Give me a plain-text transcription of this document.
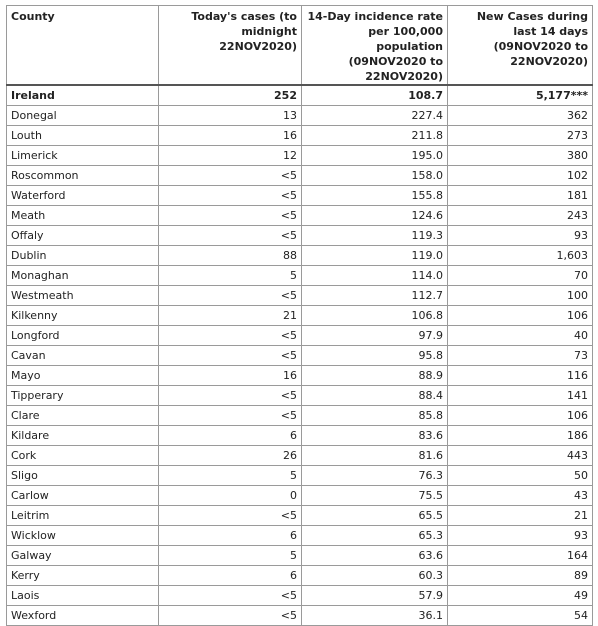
County	Today's cases (to midnight 22NOV2020)	14-Day incidence rate per 100,000 population (09NOV2020 to 22NOV2020)	New Cases during last 14 days (09NOV2020 to 22NOV2020)
Ireland	252	108.7	5,177***
Donegal	13	227.4	362
Louth	16	211.8	273
Limerick	12	195.0	380
Roscommon	<5	158.0	102
Waterford	<5	155.8	181
Meath	<5	124.6	243
Offaly	<5	119.3	93
Dublin	88	119.0	1,603
Monaghan	5	114.0	70
Westmeath	<5	112.7	100
Kilkenny	21	106.8	106
Longford	<5	97.9	40
Cavan	<5	95.8	73
Mayo	16	88.9	116
Tipperary	<5	88.4	141
Clare	<5	85.8	106
Kildare	6	83.6	186
Cork	26	81.6	443
Sligo	5	76.3	50
Carlow	0	75.5	43
Leitrim	<5	65.5	21
Wicklow	6	65.3	93
Galway	5	63.6	164
Kerry	6	60.3	89
Laois	<5	57.9	49
Wexford	<5	36.1	54
